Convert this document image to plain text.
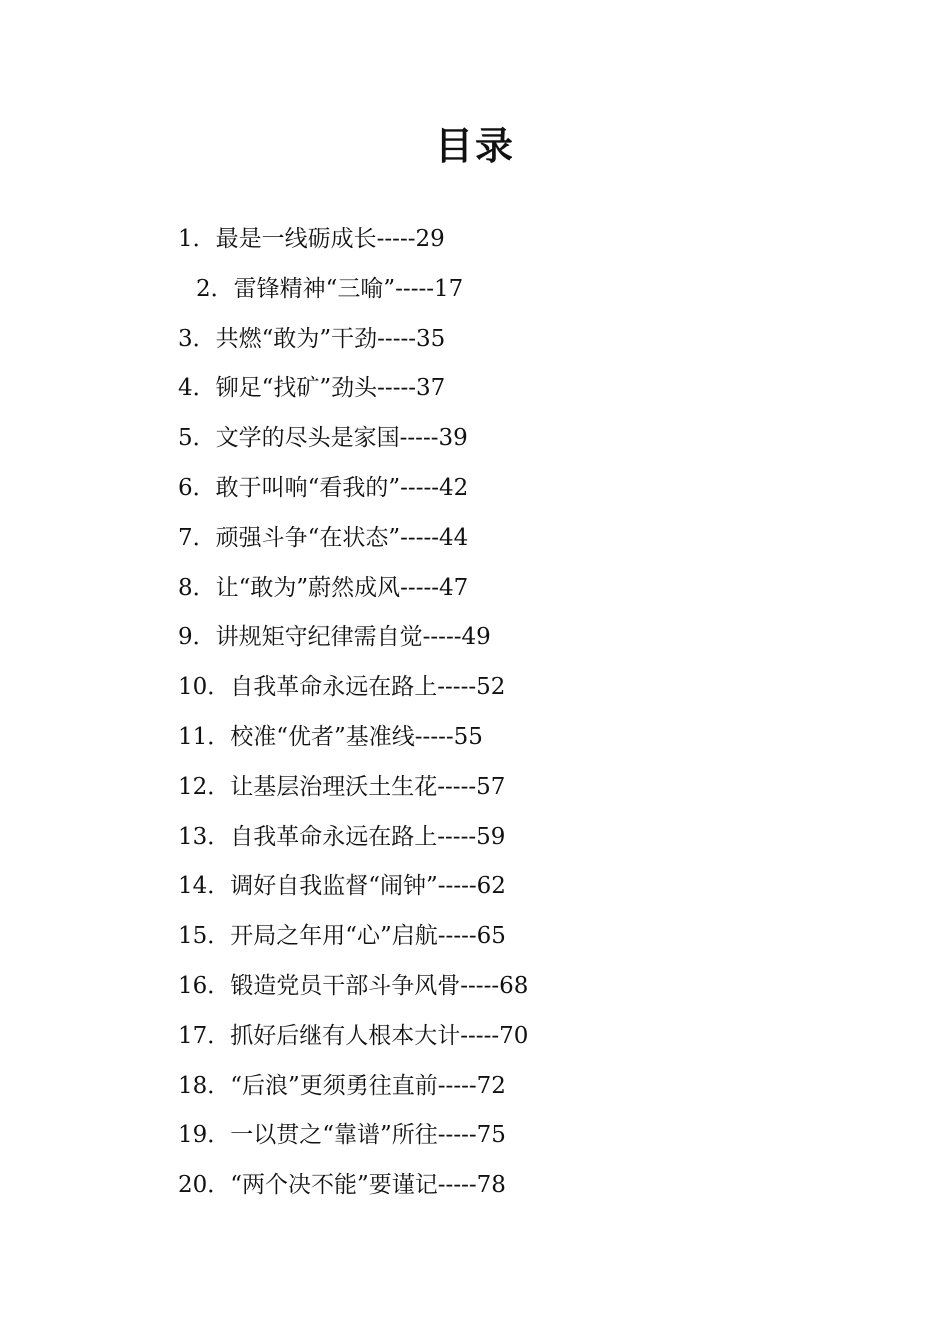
目录
1．最是一线砺成长-----29
2．雷锋精神“三喻”-----17
3．共燃“敢为”干劲-----35
4．铆足“找矿”劲头-----37
5．文学的尽头是家国-----39
6．敢于叫响“看我的”-----42
7．顽强斗争“在状态”-----44
8．让“敢为”蔚然成风-----47
9．讲规矩守纪律需自觉-----49
10．自我革命永远在路上-----52
11．校准“优者”基准线-----55
12．让基层治理沃土生花-----57
13．自我革命永远在路上-----59
14．调好自我监督“闹钟”-----62
15．开局之年用“心”启航-----65
16．锻造党员干部斗争风骨-----68
17．抓好后继有人根本大计-----70
18．“后浪”更须勇往直前-----72
19．一以贯之“靠谱”所往-----75
20．“两个决不能”要谨记-----78
